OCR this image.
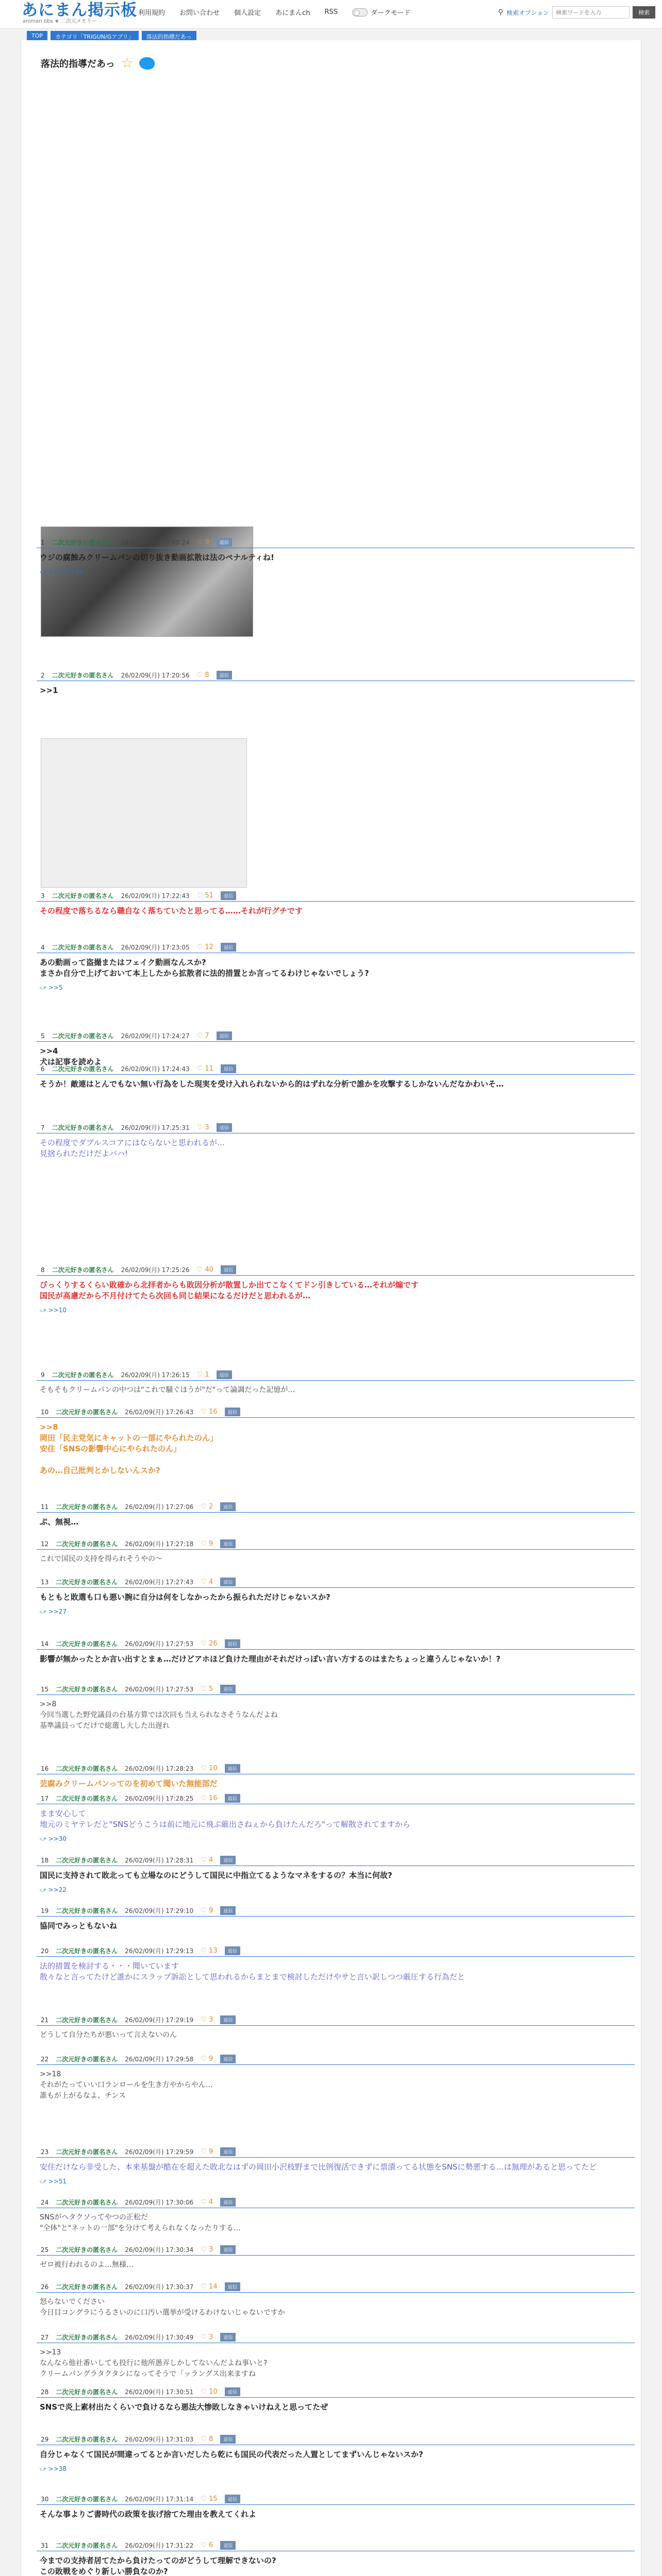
あにまん掲示板
animan bbs ★ 二次元メモリー
利用規約 お問い合わせ 個人設定 あにまんch RSS	ダークモード	⚲ 検索オプション
検索ワードを入力	検索
TOP	カテゴリ「TRIGUN/Gアプリ」	落法的指標だあっ
落法的指導だあっ ☆
1 二次元好きの匿名さん 26/02/09(月) 17:20:24 ♡ 9	返信
ウジの腐蝕みクリームパンの切り抜き動画拡散は法のペナルティね!
⤻ >>2 >>49
2 二次元好きの匿名さん 26/02/09(月) 17:20:56 ♡ 8	返信
>>1
3 二次元好きの匿名さん 26/02/09(月) 17:22:43 ♡ 51	返信
その程度で落ちるなら職自なく落ちていたと思ってる……それが行グチです
4 二次元好きの匿名さん 26/02/09(月) 17:23:05 ♡ 12	返信
あの動画って盗撮またはフェイク動画なんスか?
まさか自分で上げておいて本上したから拡散者に法的措置とか言ってるわけじゃないでしょう?
⤻ >>5
5 二次元好きの匿名さん 26/02/09(月) 17:24:27 ♡ 7	返信
>>4
犬は記事を読めよ
6 二次元好きの匿名さん 26/02/09(月) 17:24:43 ♡ 11	返信
そうか！敵連はとんでもない無い行為をした現実を受け入れられないから的はずれな分析で誰かを攻撃するしかないんだなかわいそ…
7 二次元好きの匿名さん 26/02/09(月) 17:25:31 ♡ 3	返信
その程度でダブルスコアにはならないと思われるが…
見捨られただけだよバハ!
8 二次元好きの匿名さん 26/02/09(月) 17:25:26 ♡ 40	返信
びっくりするくらい敗確から北拝者からも敗因分析が散置しか出てこなくてドン引きしている…それが煽です
国民が高慮だから不月付けてたら次回も同じ結果になるだけだと思われるが…
⤻ >>10
9 二次元好きの匿名さん 26/02/09(月) 17:26:15 ♡ 1	返信
そもそもクリームパンの中つは"これで騒ぐほうが"だ"って論調だった記憶が…
10 二次元好きの匿名さん 26/02/09(月) 17:26:43 ♡ 16	返信
>>8
岡田「民主党気にキャットの一部にやられたのん」
安住「SNSの影響中心にやられたのん」

あの…自己批判とかしないんスか?
11 二次元好きの匿名さん 26/02/09(月) 17:27:06 ♡ 2	返信
ぷ、無視…
12 二次元好きの匿名さん 26/02/09(月) 17:27:18 ♡ 9	返信
これで国民の支持を得られそうやの〜
13 二次元好きの匿名さん 26/02/09(月) 17:27:43 ♡ 4	返信
もともと敗選も口も悪い腕に自分は何をしなかったから振られただけじゃないスか?
⤻ >>27
14 二次元好きの匿名さん 26/02/09(月) 17:27:53 ♡ 26	返信
影響が無かったとか言い出すとまぁ…だけどアホほど負けた理由がそれだけっぽい言い方するのはまたちょっと違うんじゃないか！?
15 二次元好きの匿名さん 26/02/09(月) 17:27:53 ♡ 5	返信
>>8
今回当選した野党議員の台基方算では次回も当えられなさそうなんだよね
基準議員ってだけで総選し大した出遅れ
16 二次元好きの匿名さん 26/02/09(月) 17:28:23 ♡ 10	返信
芸腐みクリームパンってのを初めて聞いた無能部だ
17 二次元好きの匿名さん 26/02/09(月) 17:28:25 ♡ 16	返信
まま安心して
地元のミヤテレだと"SNSどうこうは前に地元に飛ぶ厳出さねぇから負けたんだろ"って解散されてますから
⤻ >>30
18 二次元好きの匿名さん 26/02/09(月) 17:28:31 ♡ 4	返信
国民に支持されて敗北っても立場なのにどうして国民に中指立てるようなマネをするの？本当に何故?
⤻ >>22
19 二次元好きの匿名さん 26/02/09(月) 17:29:10 ♡ 9	返信
協同でみっともないね
20 二次元好きの匿名さん 26/02/09(月) 17:29:13 ♡ 13	返信
法的措置を検討する・・・聞いています
散々なと言ってたけど誰かにスラップ訴訟として思われるからまとまで検討しただけやサと言い訳しつつ厳圧する行為だと
21 二次元好きの匿名さん 26/02/09(月) 17:29:19 ♡ 3	返信
どうして自分たちが悪いって言えないのん
22 二次元好きの匿名さん 26/02/09(月) 17:29:58 ♡ 9	返信
>>18
それがたっていい口ランロールを生き方やからやん…
誰もが上がるなよ、チンス
23 二次元好きの匿名さん 26/02/09(月) 17:29:59 ♡ 9	返信
安住だけなら非受した、本来基盤が酷在を超えた敗北なはずの岡田小沢枝野まで比例復活できずに票潰ってる状態をSNSに勢悪する…は無理があると思ってたど
⤻ >>51
24 二次元好きの匿名さん 26/02/09(月) 17:30:06 ♡ 4	返信
SNSがヘタクソってやつの正松だ
"全体"と"ネットの一部"を分けて考えられなくなったりする…
25 二次元好きの匿名さん 26/02/09(月) 17:30:34 ♡ 3	返信
ゼロ被行われるのよ…無様…
26 二次元好きの匿名さん 26/02/09(月) 17:30:37 ♡ 14	返信
怒らないでください
今日目コングラにうるさいのに口汚い選挙が受けるわけないじゃないですか
27 二次元好きの匿名さん 26/02/09(月) 17:30:49 ♡ 3	返信
>>13
なんなら他社番いしても投行に他所愚弄しかしてないんだよね事いと?
クリームパングラタクタシになってそうで「ッラングス出来ますね
28 二次元好きの匿名さん 26/02/09(月) 17:30:51 ♡ 10	返信
SNSで炎上素材出たくらいで負けるなら悪法大惨敗しなきゃいけねえと思ってたぜ
29 二次元好きの匿名さん 26/02/09(月) 17:31:03 ♡ 8	返信
自分じゃなくて国民が間違ってるとか言いだしたら乾にも国民の代表だった人置としてまずいんじゃないスか?
⤻ >>38
30 二次元好きの匿名さん 26/02/09(月) 17:31:14 ♡ 15	返信
そんな事よりご書時代の政策を抜げ捨てた理由を教えてくれよ
31 二次元好きの匿名さん 26/02/09(月) 17:31:22 ♡ 6	返信
今までの支持者居てたから負けたってのがどうして理解できないの?
この敗戦をめぐり新しい勝負なのか?
